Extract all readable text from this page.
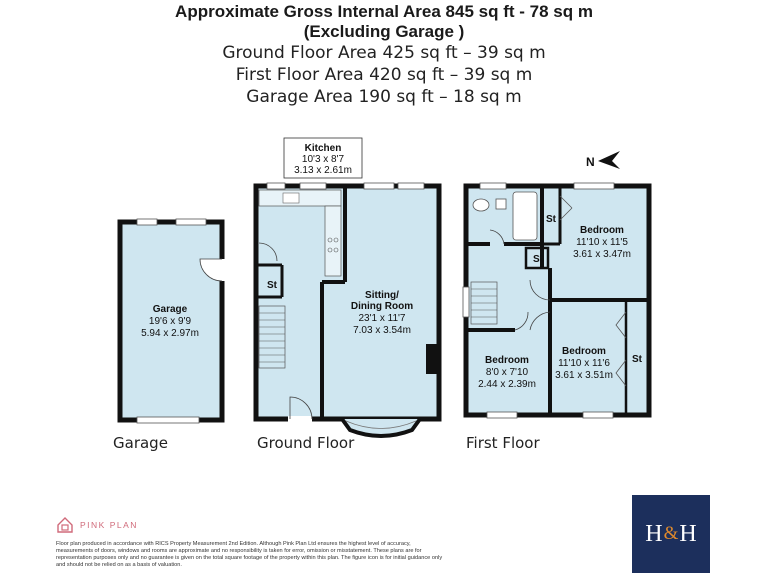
Approximate Gross Internal Area 845 sq ft - 78 sq m
(Excluding Garage )
Ground Floor Area 425 sq ft – 39 sq m
First Floor Area 420 sq ft – 39 sq m
Garage Area 190 sq ft – 18 sq m
Garage
19'6 x 9'9
5.94 x 2.97m
Kitchen
10'3 x 8'7
3.13 x 2.61m
St
Sitting/
Dining Room
23'1 x 11'7
7.03 x 3.54m
St
St
St
Bedroom
11'10 x 11'5
3.61 x 3.47m
Bedroom
11'10 x 11'6
3.61 x 3.51m
Bedroom
8'0 x 7'10
2.44 x 2.39m
N
Garage	Ground Floor	First Floor
PINK PLAN
Floor plan produced in accordance with RICS Property Measurement 2nd Edition. Although Pink Plan Ltd ensures the highest level of accuracy, measurements of doors, windows and rooms are approximate and no responsibility is taken for error, omission or misstatement. These plans are for representation purposes only and no guarantee is given on the total square footage of the property within this plan. The figure icon is for initial guidance only and should not be relied on as a basis of valuation.
H & H
